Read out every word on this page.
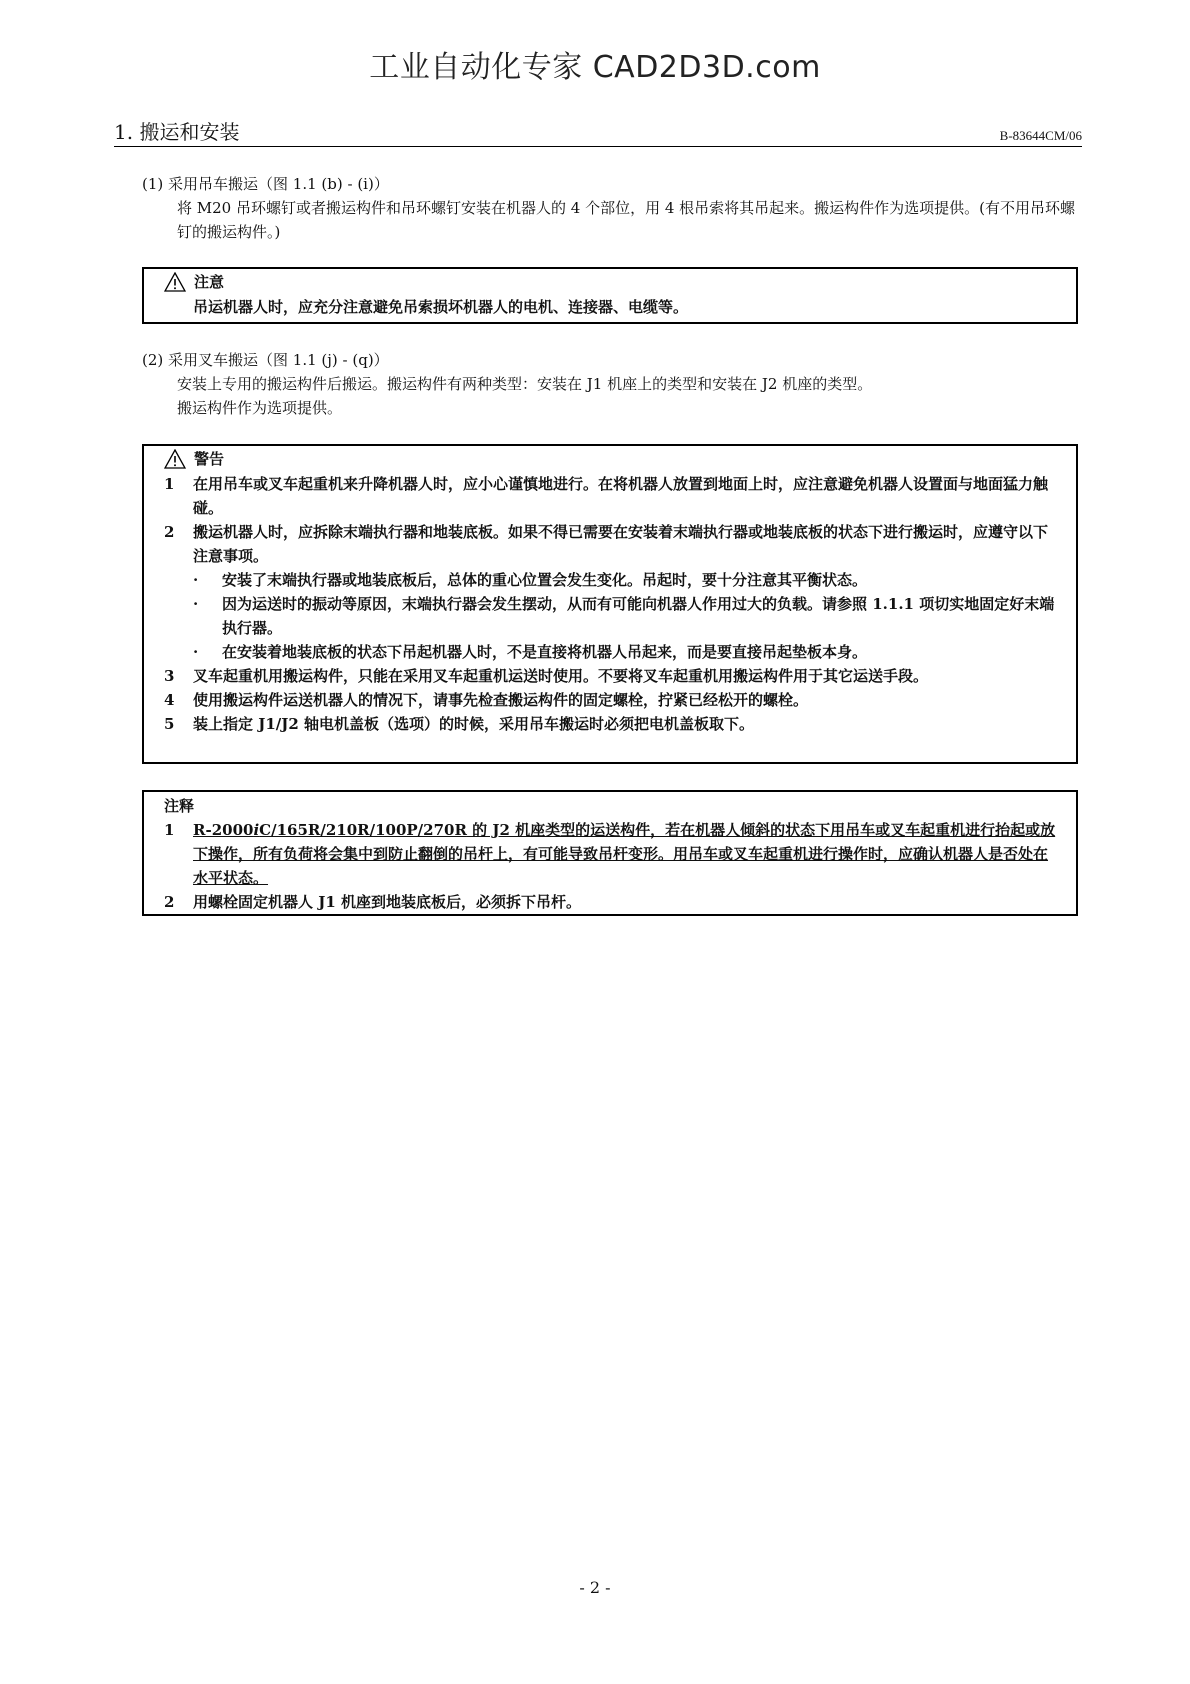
工业自动化专家 CAD2D3D.com
1. 搬运和安装	B-83644CM/06
(1) 采用吊车搬运（图 1.1 (b) - (i)）
将 M20 吊环螺钉或者搬运构件和吊环螺钉安装在机器人的 4 个部位，用 4 根吊索将其吊起来。搬运构件作为选项提供。(有不用吊环螺钉的搬运构件。)
注意
吊运机器人时，应充分注意避免吊索损坏机器人的电机、连接器、电缆等。
(2) 采用叉车搬运（图 1.1 (j) - (q)）
安装上专用的搬运构件后搬运。搬运构件有两种类型：安装在 J1 机座上的类型和安装在 J2 机座的类型。
搬运构件作为选项提供。
警告
1	在用吊车或叉车起重机来升降机器人时，应小心谨慎地进行。在将机器人放置到地面上时，应注意避免机器人设置面与地面猛力触碰。
2	搬运机器人时，应拆除末端执行器和地装底板。如果不得已需要在安装着末端执行器或地装底板的状态下进行搬运时，应遵守以下注意事项。
·	安装了末端执行器或地装底板后，总体的重心位置会发生变化。吊起时，要十分注意其平衡状态。
·	因为运送时的振动等原因，末端执行器会发生摆动，从而有可能向机器人作用过大的负载。请参照 1.1.1 项切实地固定好末端执行器。
·	在安装着地装底板的状态下吊起机器人时，不是直接将机器人吊起来，而是要直接吊起垫板本身。
3	叉车起重机用搬运构件，只能在采用叉车起重机运送时使用。不要将叉车起重机用搬运构件用于其它运送手段。
4	使用搬运构件运送机器人的情况下，请事先检查搬运构件的固定螺栓，拧紧已经松开的螺栓。
5	装上指定 J1/J2 轴电机盖板（选项）的时候，采用吊车搬运时必须把电机盖板取下。
注释
1	R-2000iC/165R/210R/100P/270R 的 J2 机座类型的运送构件，若在机器人倾斜的状态下用吊车或叉车起重机进行抬起或放下操作，所有负荷将会集中到防止翻倒的吊杆上，有可能导致吊杆变形。用吊车或叉车起重机进行操作时，应确认机器人是否处在水平状态。
2	用螺栓固定机器人 J1 机座到地装底板后，必须拆下吊杆。
- 2 -
